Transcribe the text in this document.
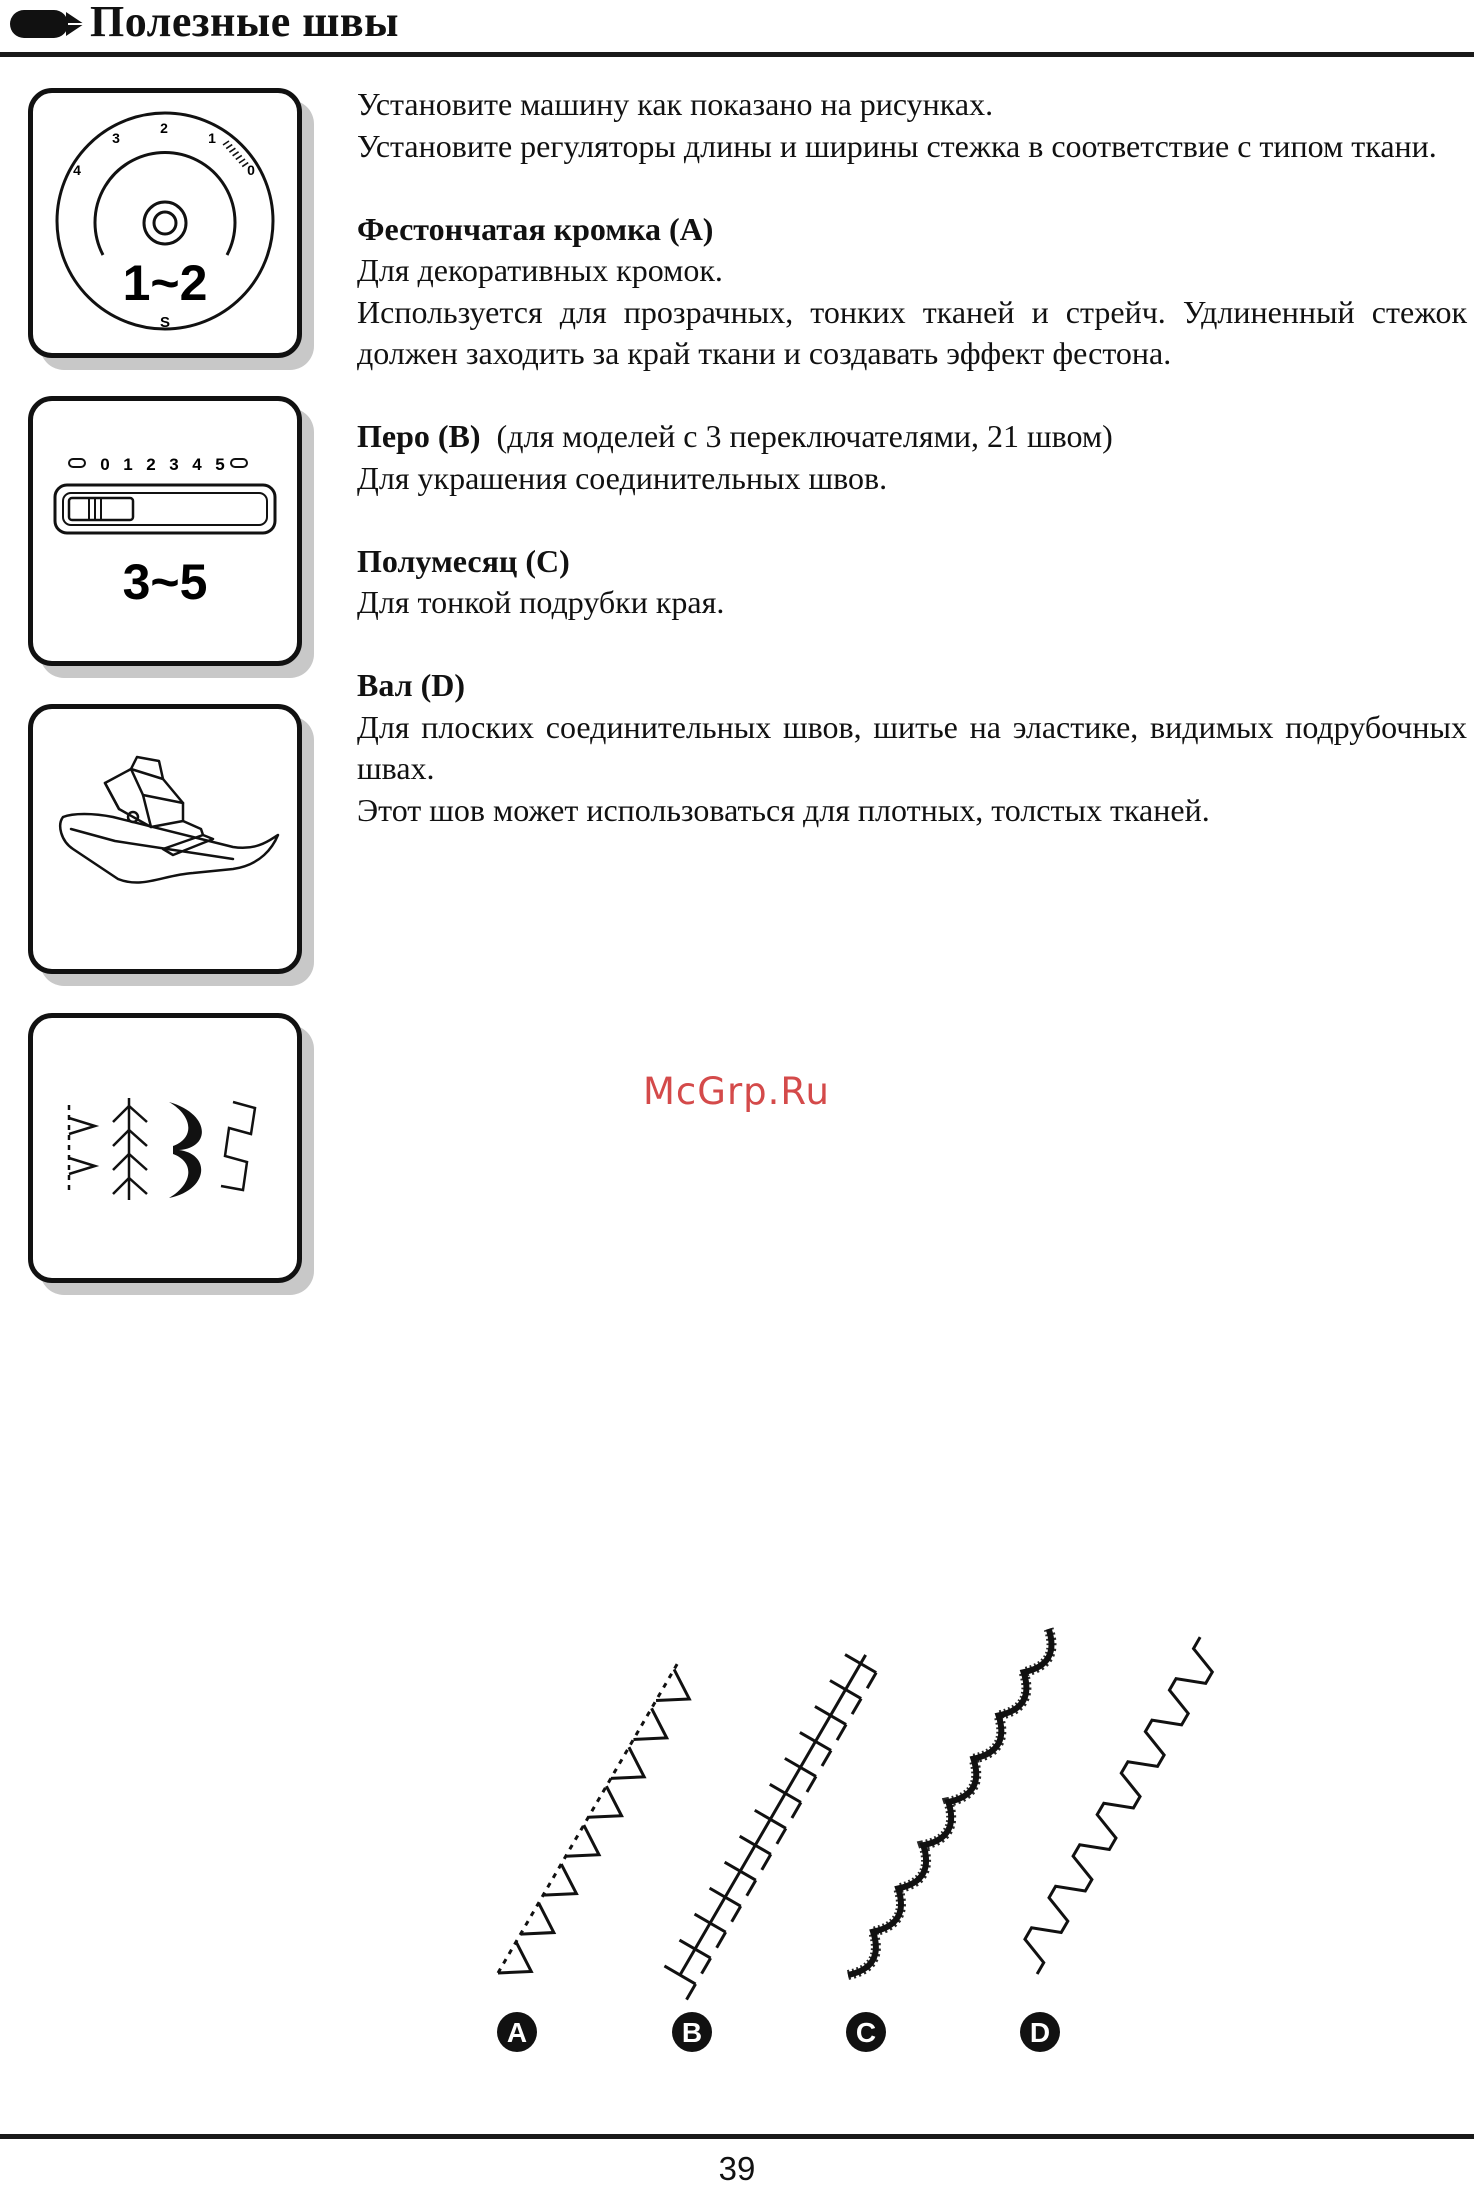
Полезные швы
4
3
2
1
0
1~2
S
0 1 2 3 4 5
3~5

Установите машину как показано на рисунках.

Установите регуляторы длины и ширины стежка в соответствие с типом ткани.

Фестончатая кромка (A)

Для декоративных кромок.

Используется для прозрачных, тонких тканей и стрейч. Удлиненный стежок должен заходить за край ткани и создавать эффект фестона.

Перо (B) (для моделей с 3 переключателями, 21 швом)

Для украшения соединительных швов.

Полумесяц (C)

Для тонкой подрубки края.

Вал (D)

Для плоских соединительных швов, шитье на эластике, видимых подрубочных швах.

Этот шов может использоваться для плотных, толстых тканей.

McGrp.Ru
A	B	C	D
39
